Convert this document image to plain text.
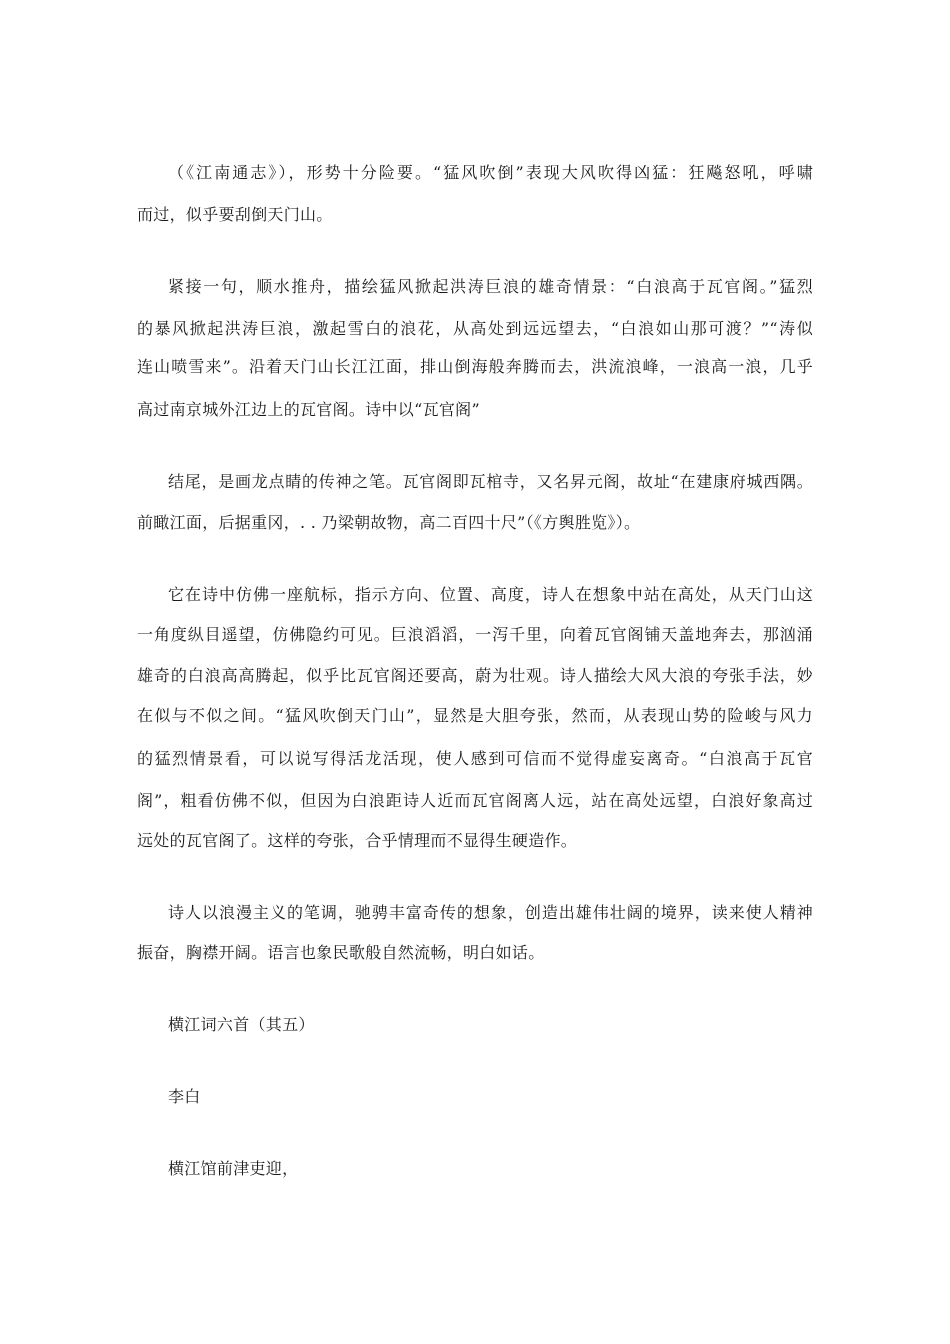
（《江南通志》），形势十分险要。“猛风吹倒”表现大风吹得凶猛：狂飚怒吼，呼啸
而过，似乎要刮倒天门山。
紧接一句，顺水推舟，描绘猛风掀起洪涛巨浪的雄奇情景：“白浪高于瓦官阁。”猛烈
的暴风掀起洪涛巨浪，激起雪白的浪花，从高处到远远望去，“白浪如山那可渡？”“涛似
连山喷雪来”。沿着天门山长江江面，排山倒海般奔腾而去，洪流浪峰，一浪高一浪，几乎
高过南京城外江边上的瓦官阁。诗中以“瓦官阁”
结尾，是画龙点睛的传神之笔。瓦官阁即瓦棺寺，又名昇元阁，故址“在建康府城西隅。
前瞰江面，后据重冈，. . 乃梁朝故物，高二百四十尺”（《方舆胜览》）。
它在诗中仿佛一座航标，指示方向、位置、高度，诗人在想象中站在高处，从天门山这
一角度纵目遥望，仿佛隐约可见。巨浪滔滔，一泻千里，向着瓦官阁铺天盖地奔去，那汹涌
雄奇的白浪高高腾起，似乎比瓦官阁还要高，蔚为壮观。诗人描绘大风大浪的夸张手法，妙
在似与不似之间。“猛风吹倒天门山”，显然是大胆夸张，然而，从表现山势的险峻与风力
的猛烈情景看，可以说写得活龙活现，使人感到可信而不觉得虚妄离奇。“白浪高于瓦官
阁”，粗看仿佛不似，但因为白浪距诗人近而瓦官阁离人远，站在高处远望，白浪好象高过
远处的瓦官阁了。这样的夸张，合乎情理而不显得生硬造作。
诗人以浪漫主义的笔调，驰骋丰富奇传的想象，创造出雄伟壮阔的境界，读来使人精神
振奋，胸襟开阔。语言也象民歌般自然流畅，明白如话。
横江词六首（其五）
李白
横江馆前津吏迎，
